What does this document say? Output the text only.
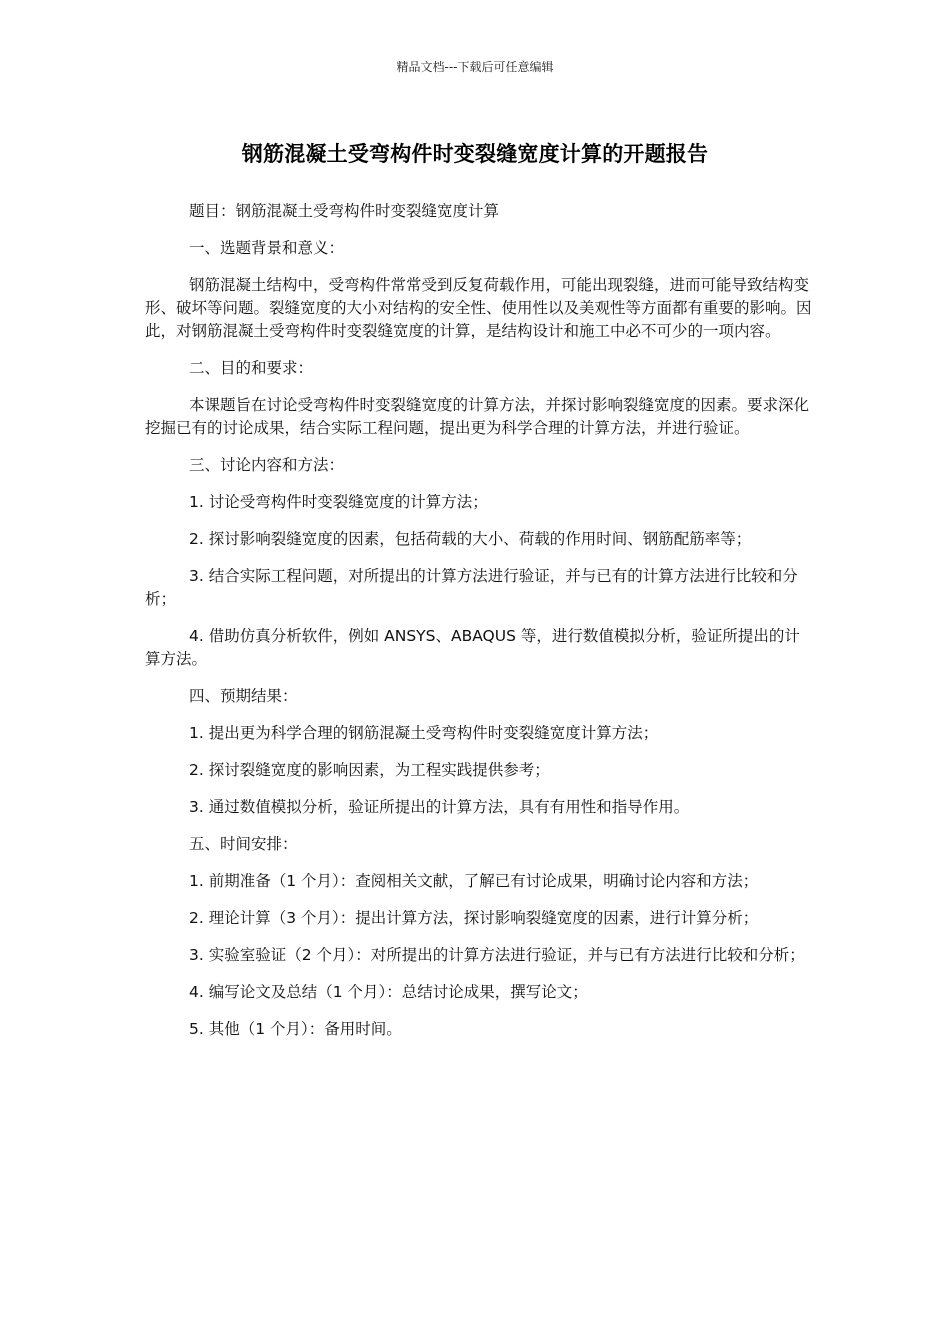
精品文档---下载后可任意编辑
钢筋混凝土受弯构件时变裂缝宽度计算的开题报告

题目：钢筋混凝土受弯构件时变裂缝宽度计算

一、选题背景和意义：

钢筋混凝土结构中，受弯构件常常受到反复荷载作用，可能出现裂缝，进而可能导致结构变形、破坏等问题。裂缝宽度的大小对结构的安全性、使用性以及美观性等方面都有重要的影响。因此，对钢筋混凝土受弯构件时变裂缝宽度的计算，是结构设计和施工中必不可少的一项内容。

二、目的和要求：

本课题旨在讨论受弯构件时变裂缝宽度的计算方法，并探讨影响裂缝宽度的因素。要求深化挖掘已有的讨论成果，结合实际工程问题，提出更为科学合理的计算方法，并进行验证。

三、讨论内容和方法：

1. 讨论受弯构件时变裂缝宽度的计算方法；

2. 探讨影响裂缝宽度的因素，包括荷载的大小、荷载的作用时间、钢筋配筋率等；

3. 结合实际工程问题，对所提出的计算方法进行验证，并与已有的计算方法进行比较和分析；

4. 借助仿真分析软件，例如 ANSYS、ABAQUS 等，进行数值模拟分析，验证所提出的计算方法。

四、预期结果：

1. 提出更为科学合理的钢筋混凝土受弯构件时变裂缝宽度计算方法；

2. 探讨裂缝宽度的影响因素，为工程实践提供参考；

3. 通过数值模拟分析，验证所提出的计算方法，具有有用性和指导作用。

五、时间安排：

1. 前期准备（1 个月）：查阅相关文献，了解已有讨论成果，明确讨论内容和方法；

2. 理论计算（3 个月）：提出计算方法，探讨影响裂缝宽度的因素，进行计算分析；

3. 实验室验证（2 个月）：对所提出的计算方法进行验证，并与已有方法进行比较和分析；

4. 编写论文及总结（1 个月）：总结讨论成果，撰写论文；

5. 其他（1 个月）：备用时间。
